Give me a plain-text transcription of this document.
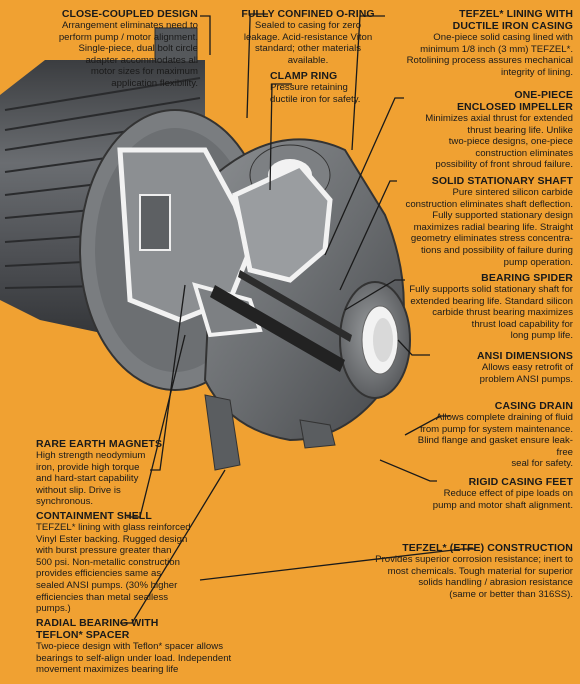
CLOSE-COUPLED DESIGN
Arrangement eliminates need to
perform pump / motor alignment.
Single-piece, dual bolt circle
adapter accommodates all
motor sizes for maximum
application flexibility.
FULLY CONFINED O-RING
Sealed to casing for zero
leakage. Acid-resistance Viton
standard; other materials available.
CLAMP RING
Pressure retaining
ductile iron for safety.
TEFZEL* LINING WITH
DUCTILE IRON CASING
One-piece solid casing lined with
minimum 1/8 inch (3 mm) TEFZEL*.
Rotolining process assures mechanical
integrity of lining.
ONE-PIECE
ENCLOSED IMPELLER
Minimizes axial thrust for extended
thrust bearing life. Unlike
two-piece designs, one-piece
construction eliminates
possibility of front shroud failure.
SOLID STATIONARY SHAFT
Pure sintered silicon carbide
construction eliminates shaft deflection.
Fully supported stationary design
maximizes radial bearing life. Straight
geometry eliminates stress concentra-
tions and possibility of failure during
pump operation.
BEARING SPIDER
Fully supports solid stationary shaft for
extended bearing life. Standard silicon
carbide thrust bearing maximizes
thrust load capability for
long pump life.
ANSI DIMENSIONS
Allows easy retrofit of
problem ANSI pumps.
CASING DRAIN
Allows complete draining of fluid
from pump for system maintenance.
Blind flange and gasket ensure leak-free
seal for safety.
RIGID CASING FEET
Reduce effect of pipe loads on
pump and motor shaft alignment.
TEFZEL* (ETFE) CONSTRUCTION
Provides superior corrosion resistance; inert to
most chemicals. Tough material for superior
solids handling / abrasion resistance
(same or better than 316SS).
RARE EARTH MAGNETS
High strength neodymium
iron, provide high torque
and hard-start capability
without slip. Drive is
synchronous.
CONTAINMENT SHELL
TEFZEL* lining with glass reinforced
Vinyl Ester backing. Rugged design
with burst pressure greater than
500 psi. Non-metallic construction
provides efficiencies same as
sealed ANSI pumps. (30% higher
efficiencies than metal sealless
pumps.)
RADIAL BEARING WITH
TEFLON* SPACER
Two-piece design with Teflon* spacer allows
bearings to self-align under load. Independent
movement maximizes bearing life
